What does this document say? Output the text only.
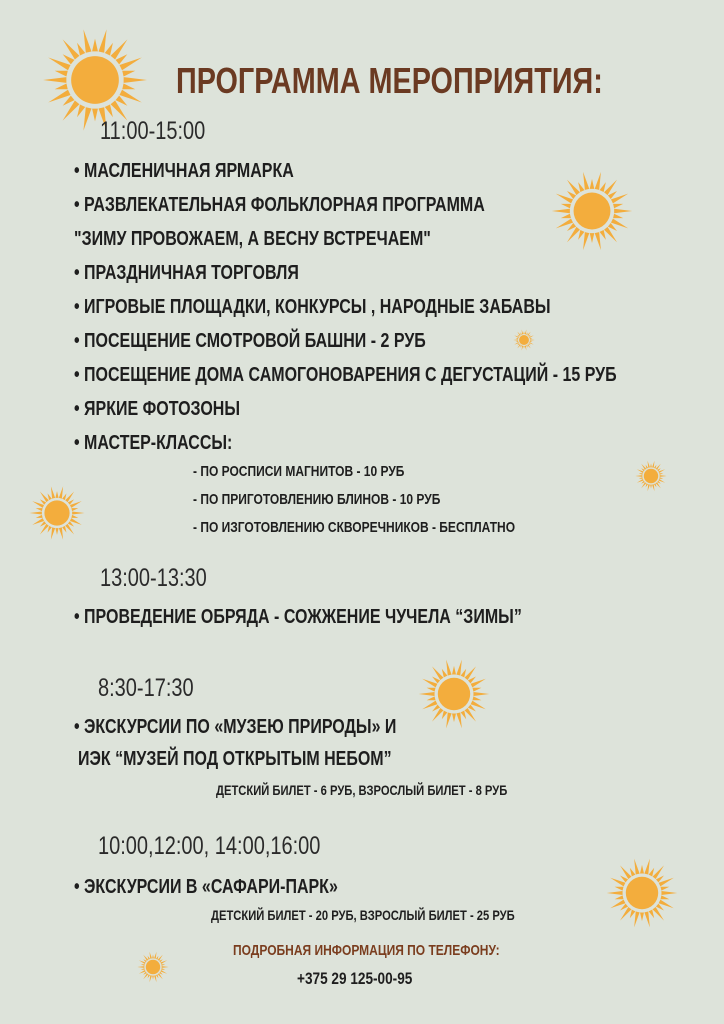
ПРОГРАММА МЕРОПРИЯТИЯ:
11:00-15:00
• МАСЛЕНИЧНАЯ ЯРМАРКА
• РАЗВЛЕКАТЕЛЬНАЯ ФОЛЬКЛОРНАЯ ПРОГРАММА
"ЗИМУ ПРОВОЖАЕМ, А ВЕСНУ ВСТРЕЧАЕМ"
• ПРАЗДНИЧНАЯ ТОРГОВЛЯ
• ИГРОВЫЕ ПЛОЩАДКИ, КОНКУРСЫ , НАРОДНЫЕ ЗАБАВЫ
• ПОСЕЩЕНИЕ СМОТРОВОЙ БАШНИ - 2 РУБ
• ПОСЕЩЕНИЕ ДОМА САМОГОНОВАРЕНИЯ С ДЕГУСТАЦИЙ - 15 РУБ
• ЯРКИЕ ФОТОЗОНЫ
• МАСТЕР-КЛАССЫ:
- ПО РОСПИСИ МАГНИТОВ - 10 РУБ
- ПО ПРИГОТОВЛЕНИЮ БЛИНОВ - 10 РУБ
- ПО ИЗГОТОВЛЕНИЮ СКВОРЕЧНИКОВ - БЕСПЛАТНО
13:00-13:30
• ПРОВЕДЕНИЕ ОБРЯДА - СОЖЖЕНИЕ ЧУЧЕЛА “ЗИМЫ”
8:30-17:30
• ЭКСКУРСИИ ПО «МУЗЕЮ ПРИРОДЫ» И
ИЭК “МУЗЕЙ ПОД ОТКРЫТЫМ НЕБОМ”
ДЕТСКИЙ БИЛЕТ - 6 РУБ, ВЗРОСЛЫЙ БИЛЕТ - 8 РУБ
10:00,12:00, 14:00,16:00
• ЭКСКУРСИИ В «САФАРИ-ПАРК»
ДЕТСКИЙ БИЛЕТ - 20 РУБ, ВЗРОСЛЫЙ БИЛЕТ - 25 РУБ
ПОДРОБНАЯ ИНФОРМАЦИЯ ПО ТЕЛЕФОНУ:
+375 29 125-00-95
